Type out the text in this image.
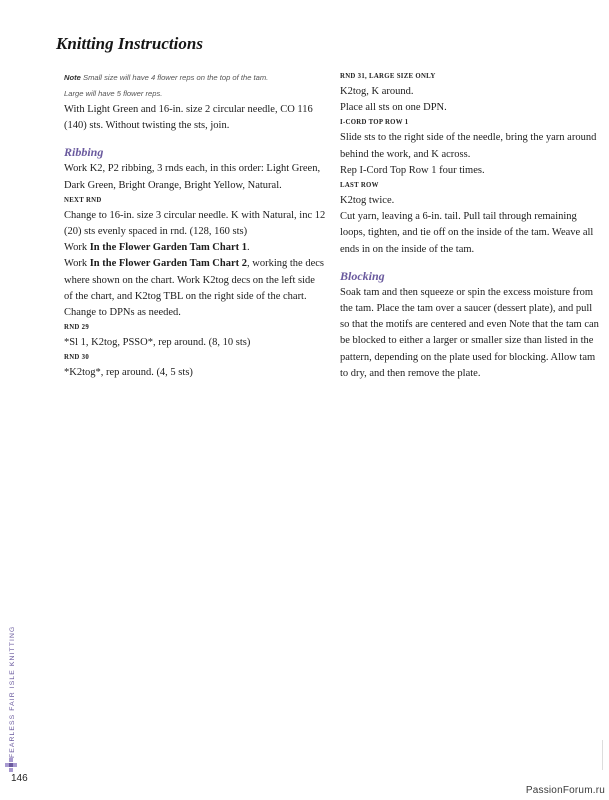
Knitting Instructions

Note Small size will have 4 flower reps on the top of the tam.

Large will have 5 flower reps.

With Light Green and 16-in. size 2 circular needle, CO 116 (140) sts. Without twisting the sts, join.

Ribbing

Work K2, P2 ribbing, 3 rnds each, in this order: Light Green, Dark Green, Bright Orange, Bright Yellow, Natural.

NEXT RND

Change to 16-in. size 3 circular needle. K with Natural, inc 12 (20) sts evenly spaced in rnd. (128, 160 sts)

Work In the Flower Garden Tam Chart 1.

Work In the Flower Garden Tam Chart 2, working the decs where shown on the chart. Work K2tog decs on the left side of the chart, and K2tog TBL on the right side of the chart.

Change to DPNs as needed.

RND 29

*Sl 1, K2tog, PSSO*, rep around. (8, 10 sts)

RND 30

*K2tog*, rep around. (4, 5 sts)

RND 31, LARGE SIZE ONLY

K2tog, K around.

Place all sts on one DPN.

I-CORD TOP ROW 1

Slide sts to the right side of the needle, bring the yarn around behind the work, and K across.

Rep I-Cord Top Row 1 four times.

LAST ROW

K2tog twice.

Cut yarn, leaving a 6-in. tail. Pull tail through remaining loops, tighten, and tie off on the inside of the tam. Weave all ends in on the inside of the tam.

Blocking

Soak tam and then squeeze or spin the excess moisture from the tam. Place the tam over a saucer (dessert plate), and pull so that the motifs are centered and even Note that the tam can be blocked to either a larger or smaller size than listed in the pattern, depending on the plate used for blocking. Allow tam to dry, and then remove the plate.

FEARLESS FAIR ISLE KNITTING
146
PassionForum.ru
